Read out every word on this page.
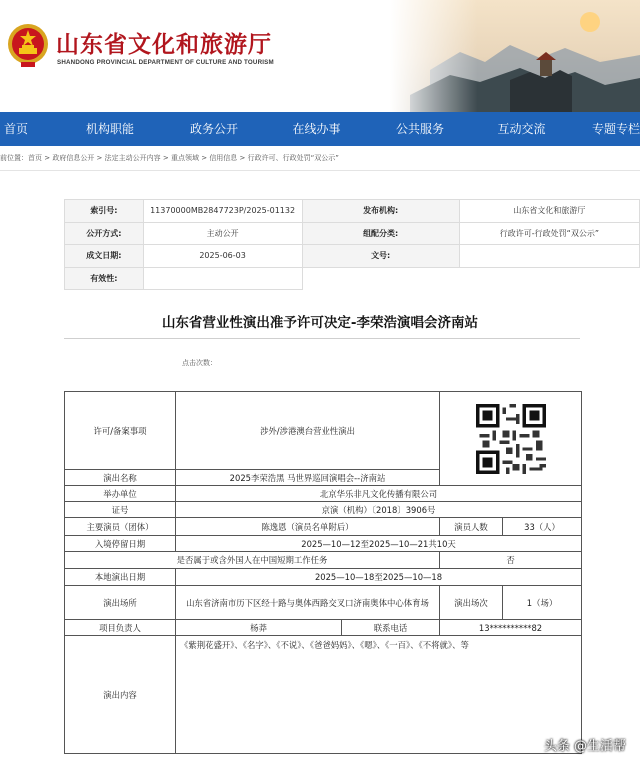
山东省文化和旅游厅
SHANDONG PROVINCIAL DEPARTMENT OF CULTURE AND TOURISM
首页	机构职能	政务公开	在线办事	公共服务	互动交流	专题专栏
前位置：首页 > 政府信息公开 > 法定主动公开内容 > 重点领域 > 信用信息 > 行政许可、行政处罚“双公示”
索引号:	11370000MB2847723P/2025-01132	发布机构:	山东省文化和旅游厅
公开方式:	主动公开	组配分类:	行政许可-行政处罚“双公示”
成文日期:	2025-06-03	文号:	
有效性:			
山东省营业性演出准予许可决定-李荣浩演唱会济南站
点击次数：
许可/备案事项	涉外/涉港澳台营业性演出	

演出名称	2025李荣浩黑 马世界巡回演唱会--济南站			
举办单位	北京华乐非凡文化传播有限公司			
证号	京演（机构）〔2018〕3906号			
主要演员（团体）	陈逸恩（演员名单附后）		演员人数	33（人）
入境停留日期	2025—10—12至2025—10—21共10天			
是否属于或含外国人在中国短期工作任务			否	
本地演出日期	2025—10—18至2025—10—18			
演出场所	山东省济南市历下区经十路与奥体西路交叉口济南奥体中心体育场		演出场次	1（场）
项目负责人	杨莽	联系电话	13**********82	
演出内容	《紫荆花盛开》、《名字》、《不说》、《爸爸妈妈》、《嗯》、《一百》、《不将就》、等			
头条 @生活帮
